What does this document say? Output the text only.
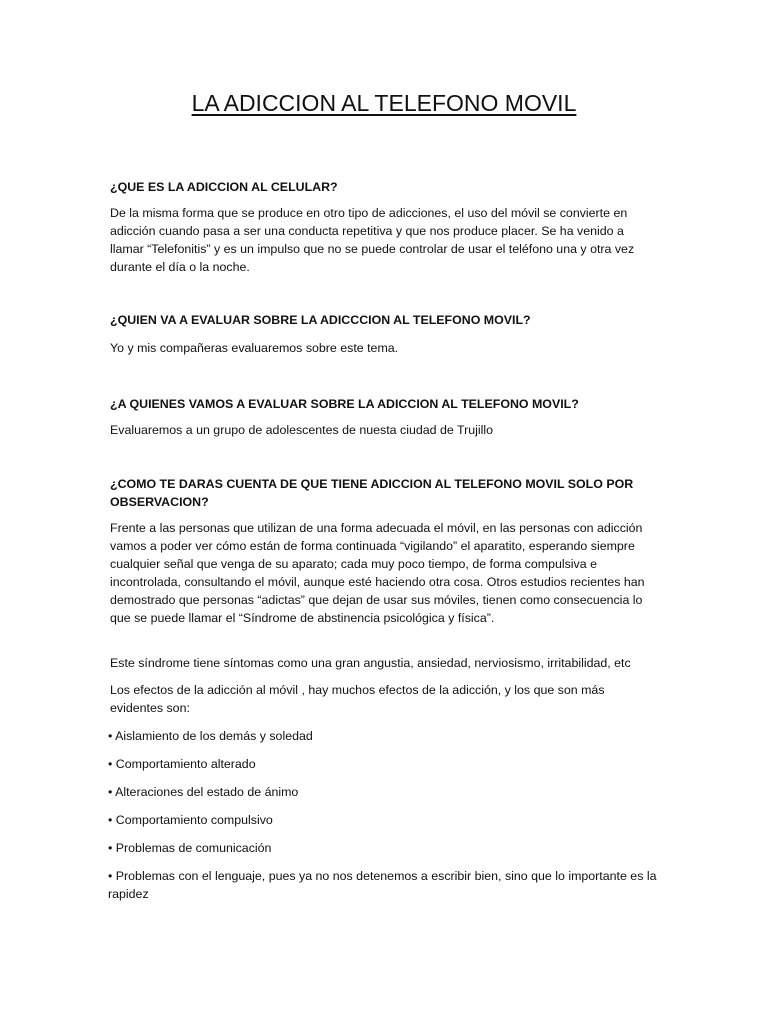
LA ADICCION AL TELEFONO MOVIL
¿QUE ES LA ADICCION AL CELULAR?
De la misma forma que se produce en otro tipo de adicciones, el uso del móvil se convierte en adicción cuando pasa a ser una conducta repetitiva y que nos produce placer. Se ha venido a llamar “Telefonitis” y es un impulso que no se puede controlar de usar el teléfono una y otra vez durante el día o la noche.
¿QUIEN VA A EVALUAR SOBRE LA ADICCCION AL TELEFONO MOVIL?
Yo y mis compañeras evaluaremos sobre este tema.
¿A QUIENES VAMOS A EVALUAR SOBRE LA ADICCION AL TELEFONO MOVIL?
Evaluaremos a un grupo de adolescentes de nuesta ciudad de Trujillo
¿COMO TE DARAS CUENTA DE QUE TIENE ADICCION AL TELEFONO MOVIL SOLO POR OBSERVACION?
Frente a las personas que utilizan de una forma adecuada el móvil, en las personas con adicción vamos a poder ver cómo están de forma continuada “vigilando” el aparatito, esperando siempre cualquier señal que venga de su aparato; cada muy poco tiempo, de forma compulsiva e incontrolada, consultando el móvil, aunque esté haciendo otra cosa. Otros estudios recientes han demostrado que personas “adictas” que dejan de usar sus móviles, tienen como consecuencia lo que se puede llamar el “Síndrome de abstinencia psicológica y física”.
Este síndrome tiene síntomas como una gran angustia, ansiedad, nerviosismo, irritabilidad, etc
Los efectos de la adicción al móvil , hay muchos efectos de la adicción, y los que son más evidentes son:
• Aislamiento de los demás y soledad
• Comportamiento alterado
• Alteraciones del estado de ánimo
• Comportamiento compulsivo
• Problemas de comunicación
• Problemas con el lenguaje, pues ya no nos detenemos a escribir bien, sino que lo importante es la rapidez
